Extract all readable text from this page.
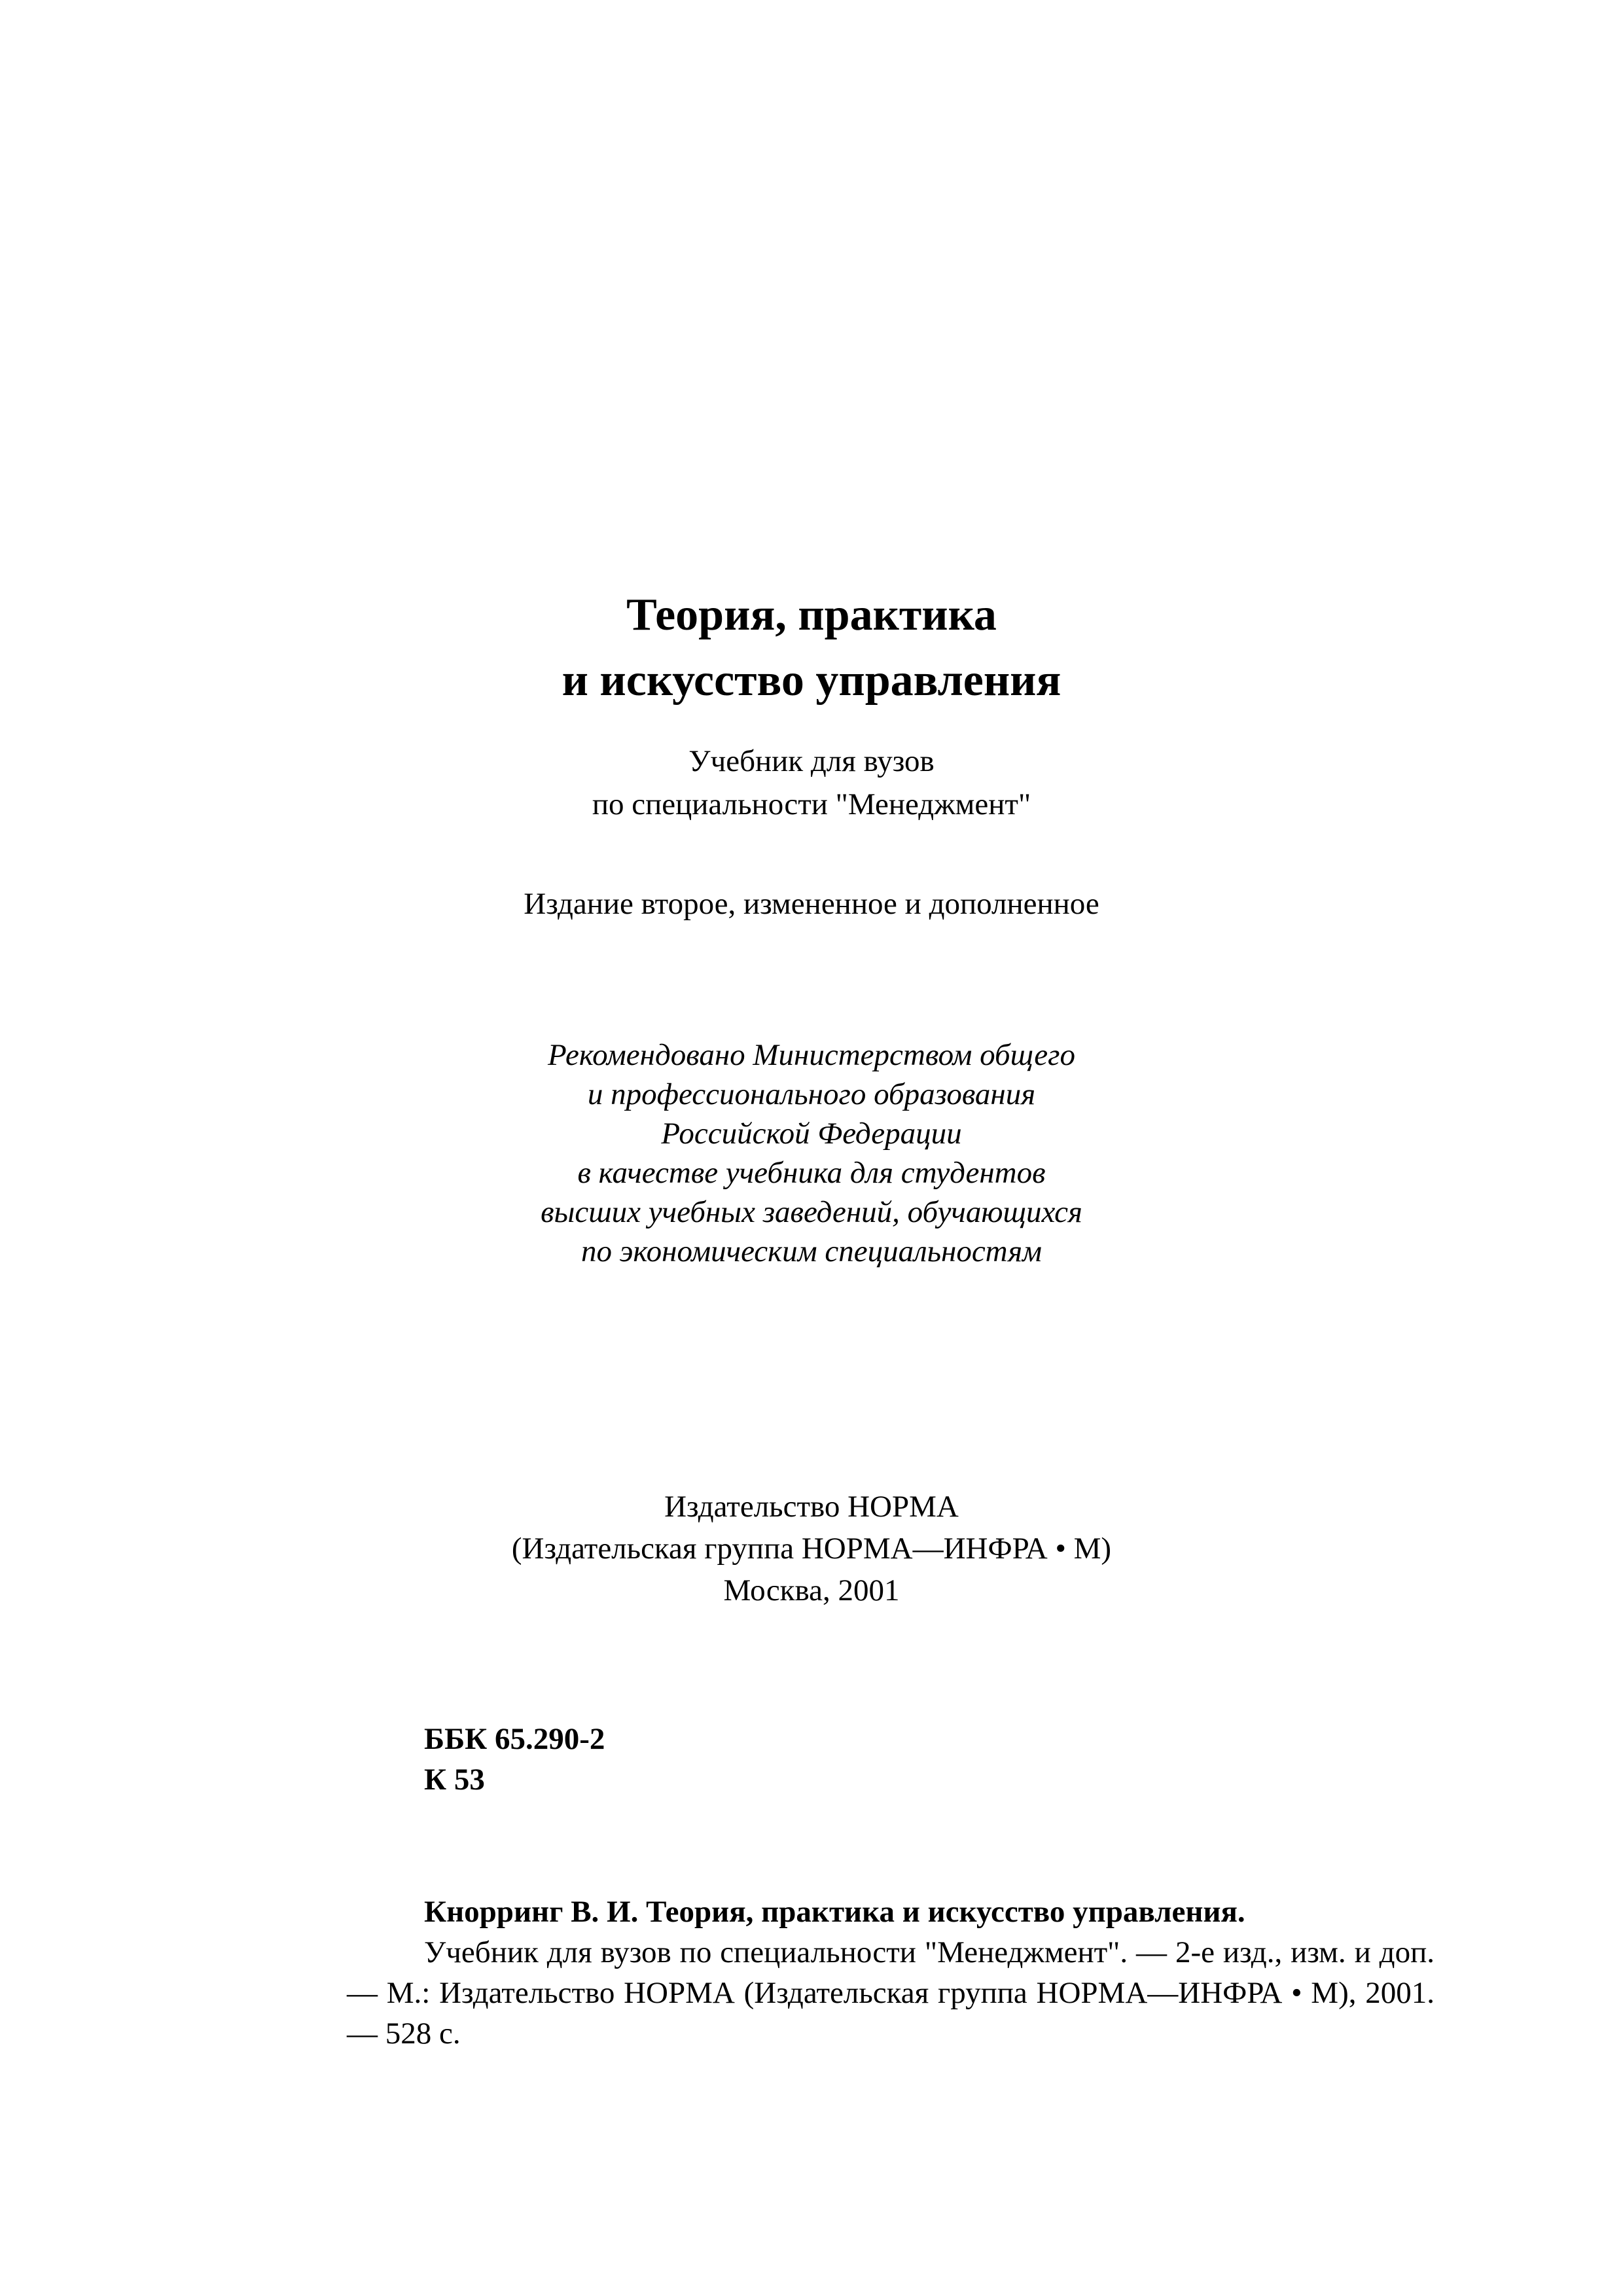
Теория, практика
и искусство управления
Учебник для вузов
по специальности "Менеджмент"
Издание второе, измененное и дополненное
Рекомендовано Министерством общего
и профессионального образования
Российской Федерации
в качестве учебника для студентов
высших учебных заведений, обучающихся
по экономическим специальностям
Издательство НОРМА
(Издательская группа НОРМА—ИНФРА • М)
Москва, 2001
ББК 65.290-2
К 53
Кнорринг В. И. Теория, практика и искусство управления.
Учебник для вузов по специальности "Менеджмент". — 2-е изд., изм. и доп. — М.: Издательство НОРМА (Издательская группа НОРМА—ИНФРА • М), 2001. — 528 с.
